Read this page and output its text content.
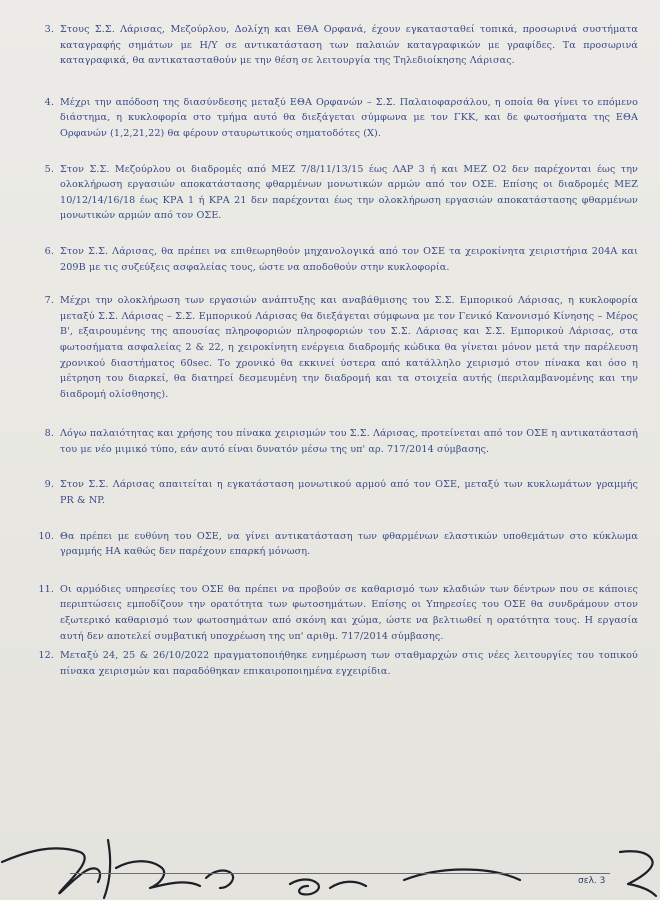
3. Στους Σ.Σ. Λάρισας, Μεζούρλου, Δολίχη και ΕΘΑ Ορφανά, έχουν εγκατασταθεί τοπικά, προσωρινά συστήματα καταγραφής σημάτων με Η/Υ σε αντικατάσταση των παλαιών καταγραφικών με γραφίδες. Τα προσωρινά καταγραφικά, θα αντικατασταθούν με την θέση σε λειτουργία της Τηλεδιοίκησης Λάρισας.
4. Μέχρι την απόδοση της διασύνδεσης μεταξύ ΕΘΑ Ορφανών – Σ.Σ. Παλαιοφαρσάλου, η οποία θα γίνει το επόμενο διάστημα, η κυκλοφορία στο τμήμα αυτό θα διεξάγεται σύμφωνα με τον ΓΚΚ, και δε φωτοσήματα της ΕΘΑ Ορφανών (1,2,21,22) θα φέρουν σταυρωτικούς σηματοδότες (Χ).
5. Στον Σ.Σ. Μεζούρλου οι διαδρομές από ΜΕΖ 7/8/11/13/15 έως ΛΑΡ 3 ή και ΜΕΖ Ο2 δεν παρέχονται έως την ολοκλήρωση εργασιών αποκατάστασης φθαρμένων μονωτικών αρμών από τον ΟΣΕ. Επίσης οι διαδρομές ΜΕΖ 10/12/14/16/18 έως ΚΡΑ 1 ή ΚΡΑ 21 δεν παρέχονται έως την ολοκλήρωση εργασιών αποκατάστασης φθαρμένων μονωτικών αρμών από τον ΟΣΕ.
6. Στον Σ.Σ. Λάρισας, θα πρέπει να επιθεωρηθούν μηχανολογικά από τον ΟΣΕ τα χειροκίνητα χειριστήρια 204Α και 209Β με τις συζεύξεις ασφαλείας τους, ώστε να αποδοθούν στην κυκλοφορία.
7. Μέχρι την ολοκλήρωση των εργασιών ανάπτυξης και αναβάθμισης του Σ.Σ. Εμπορικού Λάρισας, η κυκλοφορία μεταξύ Σ.Σ. Λάρισας – Σ.Σ. Εμπορικού Λάρισας θα διεξάγεται σύμφωνα με τον Γενικό Κανονισμό Κίνησης – Μέρος Β', εξαιρουμένης της απουσίας πληροφοριών πληροφοριών του Σ.Σ. Λάρισας και Σ.Σ. Εμπορικού Λάρισας, στα φωτοσήματα ασφαλείας 2 & 22, η χειροκίνητη ενέργεια διαδρομής κώδικα θα γίνεται μόνον μετά την παρέλευση χρονικού διαστήματος 60sec. Το χρονικό θα εκκινεί ύστερα από κατάλληλο χειρισμό στον πίνακα και όσο η μέτρηση του διαρκεί, θα διατηρεί δεσμευμένη την διαδρομή και τα στοιχεία αυτής (περιλαμβανομένης και την διαδρομή ολίσθησης).
8. Λόγω παλαιότητας και χρήσης του πίνακα χειρισμών του Σ.Σ. Λάρισας, προτείνεται από τον ΟΣΕ η αντικατάστασή του με νέο μιμικό τύπο, εάν αυτό είναι δυνατόν μέσω της υπ' αρ. 717/2014 σύμβασης.
9. Στον Σ.Σ. Λάρισας απαιτείται η εγκατάσταση μονωτικού αρμού από τον ΟΣΕ, μεταξύ των κυκλωμάτων γραμμής PR & NP.
10. Θα πρέπει με ευθύνη του ΟΣΕ, να γίνει αντικατάσταση των φθαρμένων ελαστικών υποθεμάτων στο κύκλωμα γραμμής ΗΑ καθώς δεν παρέχουν επαρκή μόνωση.
11. Οι αρμόδιες υπηρεσίες του ΟΣΕ θα πρέπει να προβούν σε καθαρισμό των κλαδιών των δέντρων που σε κάποιες περιπτώσεις εμποδίζουν την ορατότητα των φωτοσημάτων. Επίσης οι Υπηρεσίες του ΟΣΕ θα συνδράμουν στον εξωτερικό καθαρισμό των φωτοσημάτων από σκόνη και χώμα, ώστε να βελτιωθεί η ορατότητα τους. Η εργασία αυτή δεν αποτελεί συμβατική υποχρέωση της υπ' αριθμ. 717/2014 σύμβασης.
12. Μεταξύ 24, 25 & 26/10/2022 πραγματοποιήθηκε ενημέρωση των σταθμαρχών στις νέες λειτουργίες του τοπικού πίνακα χειρισμών και παραδόθηκαν επικαιροποιημένα εγχειρίδια.
σελ. 3
